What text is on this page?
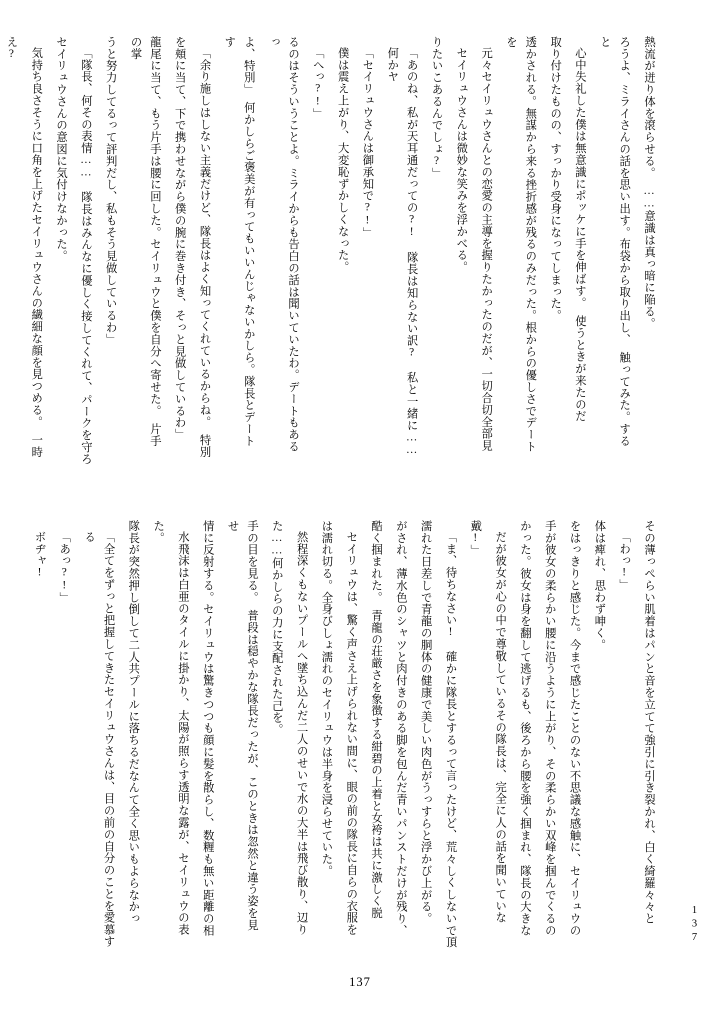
え?	気持ち良さそうに口角を上げたセイリュウさんの繊細な顔を見つめる。　一時	セイリュウさんの意図に気付けなかった。	「隊長、何その表情……　隊長はみんなに優しく接してくれて、パークを守ろ	うと努力してるって評判だし、私もそう見做しているわ」	龍尾に当て、もう片手は腰に回した。セイリュウと僕を自分へ寄せた。　片手の掌	を頬に当て、下で携わせながら僕の腕に巻き付き、そっと見做しているわ」	「余り施しはしない主義だけど、隊長はよく知ってくれているからね。　特別	よ、特別」　何かしらご褒美が有ってもいいんじゃないかしら。隊長とデートす	るのはそういうことよ。ミライからも告白の話は聞いていたわ。デートもあるっ
「へっ?!」	僕は震え上がり、大変恥ずかしくなった。	「セイリュウさんは御承知で?!」	「あのね、私が天耳通だっての?! 隊長は知らない訳? 私と一緒に……何かヤ	りたいこあるんでしょ?」	セイリュウさんは微妙な笑みを浮かべる。	元々セイリュウさんとの恋愛の主導を握りたかったのだが、一切合切全部見	透かされる。無謀から来る挫折感が残るのみだった。根からの優しさでデートを	取り付けたものの、すっかり受身になってしまった。	心中失礼した僕は無意識にポッケに手を伸ばす。　使うときが来たのだ	ろうよ、ミライさんの話を思い出す。布袋から取り出し、　触ってみた。すると	熱流が迸り体を滾らせる。　……意識は真っ暗に陥る。
ボヂャ!	「あっ?!」	「全てをずっと把握してきたセイリュウさんは、目の前の自分のことを愛慕する	隊長が突然押し倒して二人共プールに落ちるだなんて全く思いもよらなかっ	た。	水飛沫は白亜のタイルに掛かり、太陽が照らす透明な露が、セイリュウの表	情に反射する。セイリュウは驚きつつも顔に髪を散らし、数糎も無い距離の相	手の目を見る。　普段は穏やかな隊長だったが、このときは忽然と違う姿を見せ	た……何かしらの力に支配された己を。	然程深くもないプールへ墜ち込んだ二人のせいで水の大半は飛び散り、辺り	は濡れ切る。全身びしょ濡れのセイリュウは半身を浸らせていた。	セイリュウは、驚く声さえ上げられない間に、眼の前の隊長に自らの衣服を	酷く掴まれた。　青龍の荘厳さを象徴する紺碧の上着と女袴は共に激しく脱	がされ、薄水色のシャツと肉付きのある脚を包んだ青いパンストだけが残り、	濡れた日差しで青龍の胴体の健康で美しい肉色がうっすらと浮かび上がる。	「ま、待ちなさい!　確かに隊長とするって言ったけど、荒々しくしないで頂	戴!」	だが彼女が心の中で尊敬しているその隊長は、完全に人の話を聞いていな	かった。彼女は身を翻して逃げるも、後ろから腰を強く掴まれ、隊長の大きな	手が彼女の柔らかい腰に沿うように上がり、その柔らかい双峰を掴んでくるの	をはっきりと感じた。今まで感じたことのない不思議な感触に、セイリュウの	体は痺れ、思わず呻く。	「わっ!」	その薄っぺらい肌着はパンと音を立てて強引に引き裂かれ、白く綺羅々々と
137
137
